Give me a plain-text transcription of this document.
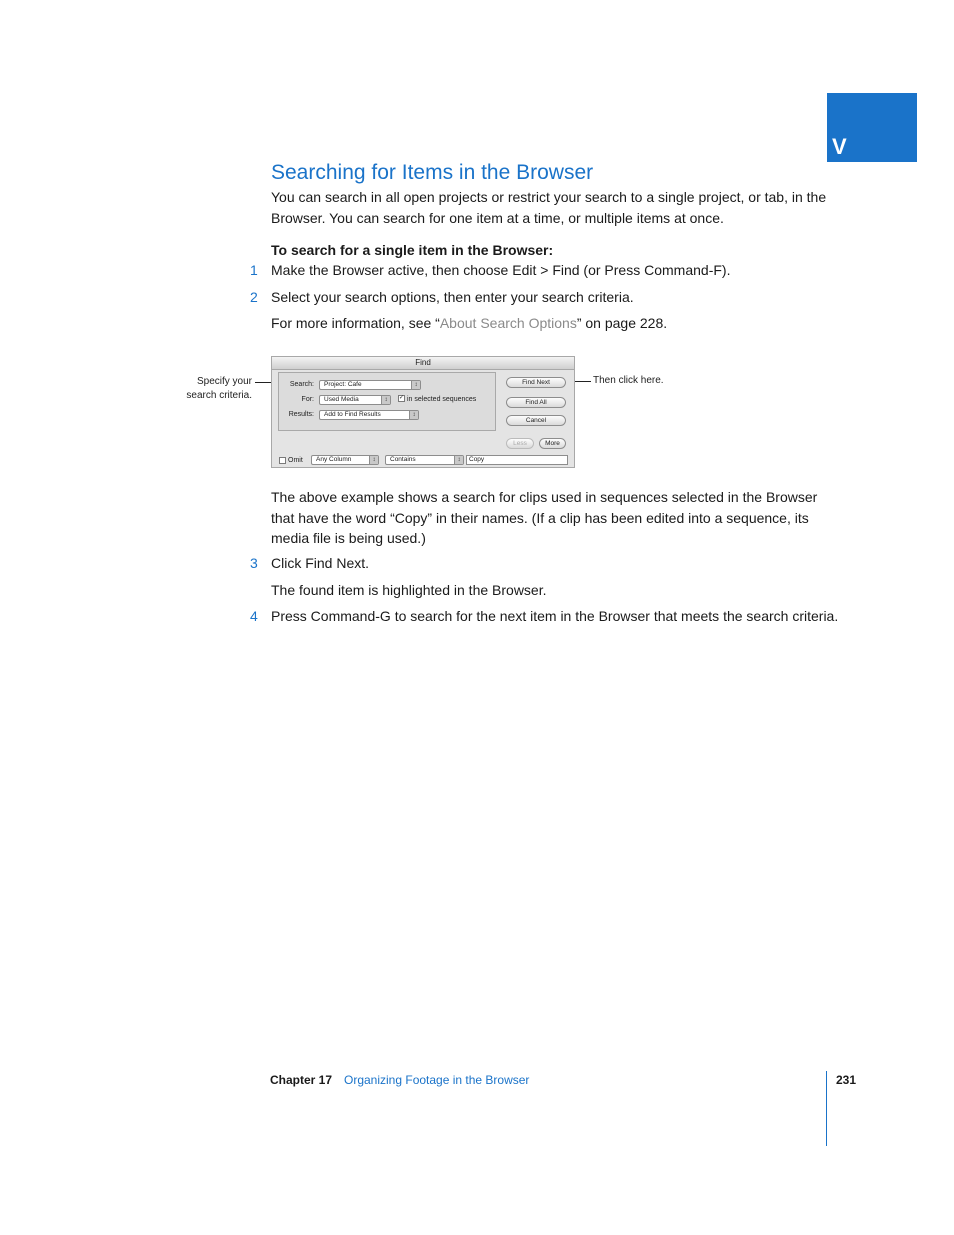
V
Searching for Items in the Browser

You can search in all open projects or restrict your search to a single project, or tab, in the Browser. You can search for one item at a time, or multiple items at once.

To search for a single item in the Browser:

1 Make the Browser active, then choose Edit > Find (or Press Command-F).

2 Select your search options, then enter your search criteria.

For more information, see “About Search Options” on page 228.

Specify your
search criteria.
Then click here.
Find
Search:	Project: Cafe	↕
For:	Used Media	↕	✓ in selected sequences
Results:	Add to Find Results	↕
Find Next
Find All
Cancel
Less	More
Omit	Any Column	↕	Contains	↕	Copy

The above example shows a search for clips used in sequences selected in the Browser that have the word “Copy” in their names. (If a clip has been edited into a sequence, its media file is being used.)

3 Click Find Next.

The found item is highlighted in the Browser.

4 Press Command-G to search for the next item in the Browser that meets the search criteria.

Chapter 17 Organizing Footage in the Browser	231
